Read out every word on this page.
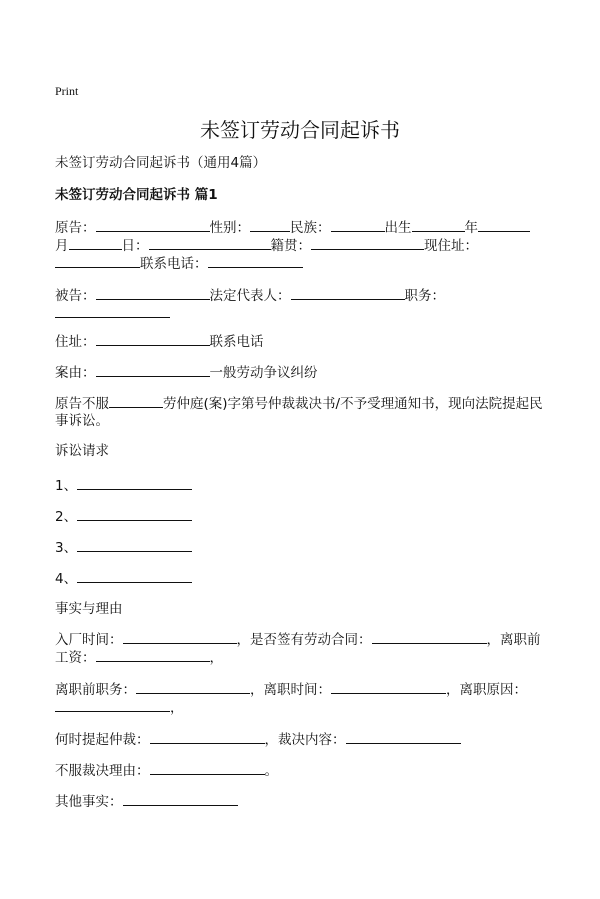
Print
未签订劳动合同起诉书
未签订劳动合同起诉书（通用4篇）
未签订劳动合同起诉书 篇1
原告：	性别：	民族：	出生	年
月	日：	籍贯：	现住址：
联系电话：
被告：	法定代表人：	职务：
住址：	联系电话
案由：	一般劳动争议纠纷
原告不服	劳仲庭(案)字第号仲裁裁决书/不予受理通知书，现向法院提起民
事诉讼。
诉讼请求
1、
2、
3、
4、
事实与理由
入厂时间：	，是否签有劳动合同：	，离职前
工资：	，
离职前职务：	，离职时间：	，离职原因：
，
何时提起仲裁：	，裁决内容：
不服裁决理由：	。
其他事实：
